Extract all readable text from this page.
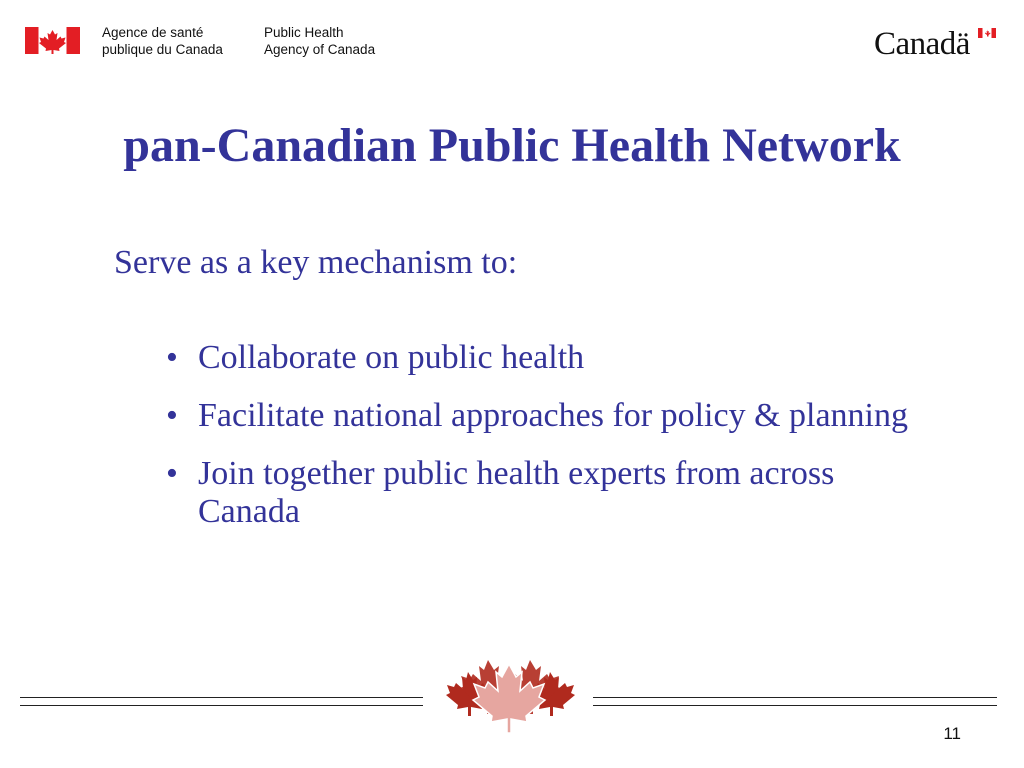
Agence de santé
publique du Canada
Public Health
Agency of Canada	Canadä
pan-Canadian Public Health Network
Serve as a key mechanism to:
• Collaborate on public health
• Facilitate national approaches for policy & planning
• Join together public health experts from across Canada
11
